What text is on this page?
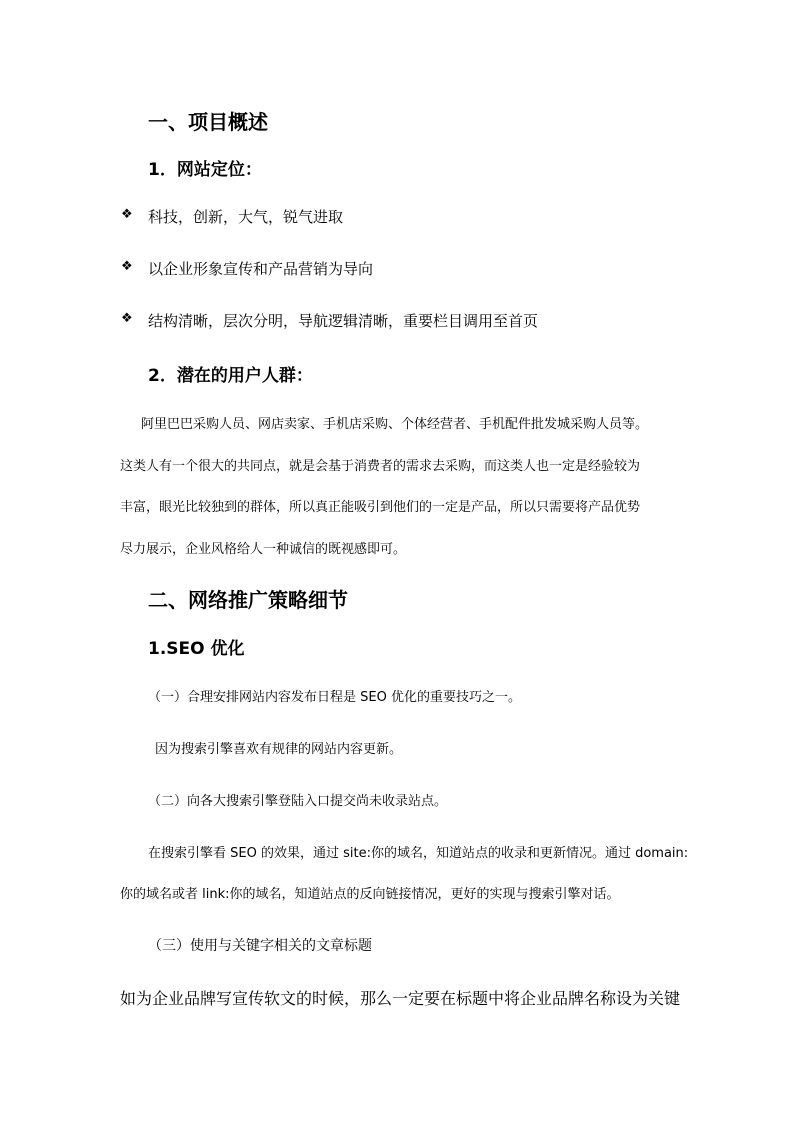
一、项目概述
1．网站定位：
❖ 科技，创新，大气，锐气进取
❖ 以企业形象宣传和产品营销为导向
❖ 结构清晰，层次分明，导航逻辑清晰，重要栏目调用至首页
2．潜在的用户人群：
阿里巴巴采购人员、网店卖家、手机店采购、个体经营者、手机配件批发城采购人员等。
这类人有一个很大的共同点，就是会基于消费者的需求去采购，而这类人也一定是经验较为
丰富，眼光比较独到的群体，所以真正能吸引到他们的一定是产品，所以只需要将产品优势
尽力展示，企业风格给人一种诚信的既视感即可。
二、网络推广策略细节
1.SEO 优化
（一）合理安排网站内容发布日程是 SEO 优化的重要技巧之一。
因为搜索引擎喜欢有规律的网站内容更新。
（二）向各大搜索引擎登陆入口提交尚未收录站点。
在搜索引擎看 SEO 的效果，通过 site:你的域名，知道站点的收录和更新情况。通过 domain:
你的域名或者 link:你的域名，知道站点的反向链接情况，更好的实现与搜索引擎对话。
（三）使用与关键字相关的文章标题
如为企业品牌写宣传软文的时候，那么一定要在标题中将企业品牌名称设为关键
